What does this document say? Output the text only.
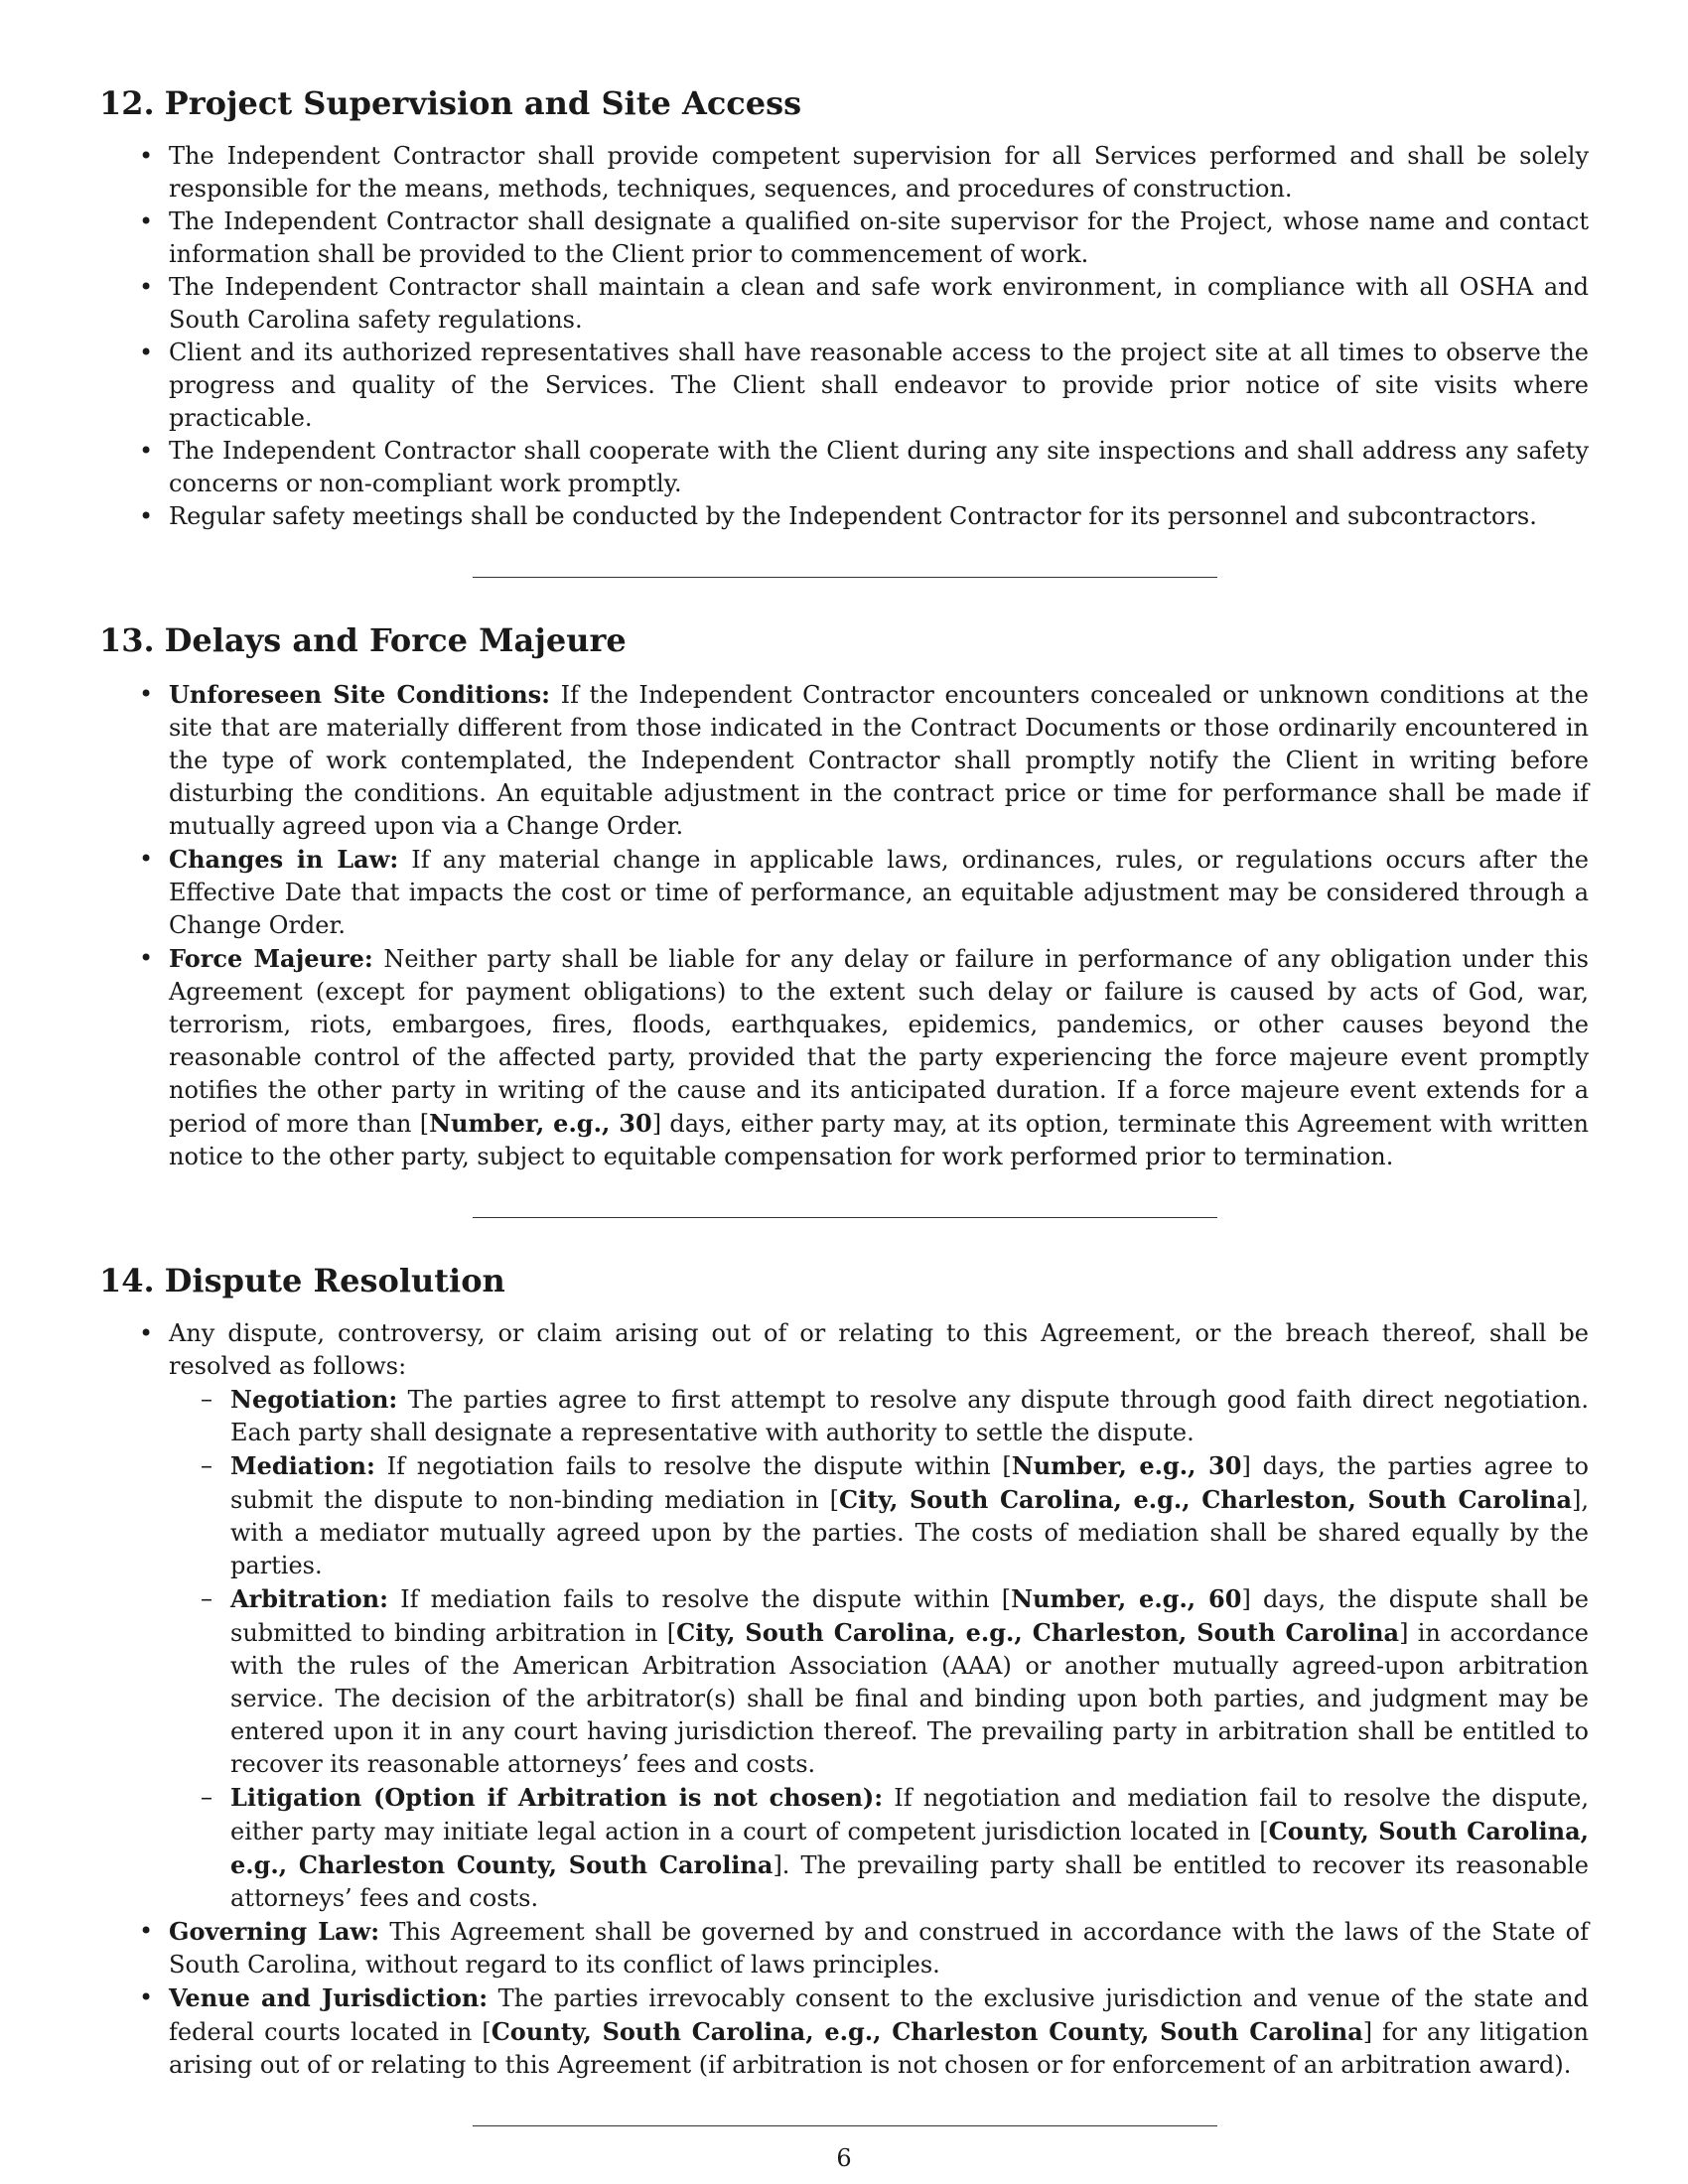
12. Project Supervision and Site Access
• The Independent Contractor shall provide competent supervision for all Services performed and shall be solely responsible for the means, methods, techniques, sequences, and procedures of construction.
• The Independent Contractor shall designate a qualified on-site supervisor for the Project, whose name and contact information shall be provided to the Client prior to commencement of work.
• The Independent Contractor shall maintain a clean and safe work environment, in compliance with all OSHA and South Carolina safety regulations.
• Client and its authorized representatives shall have reasonable access to the project site at all times to observe the progress and quality of the Services. The Client shall endeavor to provide prior notice of site visits where practicable.
• The Independent Contractor shall cooperate with the Client during any site inspections and shall address any safety concerns or non-compliant work promptly.
• Regular safety meetings shall be conducted by the Independent Contractor for its personnel and subcontractors.
13. Delays and Force Majeure
• Unforeseen Site Conditions: If the Independent Contractor encounters concealed or unknown conditions at the site that are materially different from those indicated in the Contract Documents or those ordinarily encountered in the type of work contemplated, the Independent Contractor shall promptly notify the Client in writing before disturbing the conditions. An equitable adjustment in the contract price or time for performance shall be made if mutually agreed upon via a Change Order.
• Changes in Law: If any material change in applicable laws, ordinances, rules, or regulations occurs after the Effective Date that impacts the cost or time of performance, an equitable adjustment may be considered through a Change Order.
• Force Majeure: Neither party shall be liable for any delay or failure in performance of any obligation under this Agreement (except for payment obligations) to the extent such delay or failure is caused by acts of God, war, terrorism, riots, embargoes, fires, floods, earthquakes, epidemics, pandemics, or other causes beyond the reasonable control of the affected party, provided that the party experiencing the force majeure event promptly notifies the other party in writing of the cause and its anticipated duration. If a force majeure event extends for a period of more than [Number, e.g., 30] days, either party may, at its option, terminate this Agreement with written notice to the other party, subject to equitable compensation for work performed prior to termination.
14. Dispute Resolution
• Any dispute, controversy, or claim arising out of or relating to this Agreement, or the breach thereof, shall be resolved as follows:
– Negotiation: The parties agree to first attempt to resolve any dispute through good faith direct negotiation. Each party shall designate a representative with authority to settle the dispute.
– Mediation: If negotiation fails to resolve the dispute within [Number, e.g., 30] days, the parties agree to submit the dispute to non-binding mediation in [City, South Carolina, e.g., Charleston, South Carolina], with a mediator mutually agreed upon by the parties. The costs of mediation shall be shared equally by the parties.
– Arbitration: If mediation fails to resolve the dispute within [Number, e.g., 60] days, the dispute shall be submitted to binding arbitration in [City, South Carolina, e.g., Charleston, South Carolina] in accordance with the rules of the American Arbitration Association (AAA) or another mutually agreed-upon arbitration service. The decision of the arbitrator(s) shall be final and binding upon both parties, and judgment may be entered upon it in any court having jurisdiction thereof. The prevailing party in arbitration shall be entitled to recover its reasonable attorneys’ fees and costs.
– Litigation (Option if Arbitration is not chosen): If negotiation and mediation fail to resolve the dispute, either party may initiate legal action in a court of competent jurisdiction located in [County, South Carolina, e.g., Charleston County, South Carolina]. The prevailing party shall be entitled to recover its reasonable attorneys’ fees and costs.
• Governing Law: This Agreement shall be governed by and construed in accordance with the laws of the State of South Carolina, without regard to its conflict of laws principles.
• Venue and Jurisdiction: The parties irrevocably consent to the exclusive jurisdiction and venue of the state and federal courts located in [County, South Carolina, e.g., Charleston County, South Carolina] for any litigation arising out of or relating to this Agreement (if arbitration is not chosen or for enforcement of an arbitration award).
6
